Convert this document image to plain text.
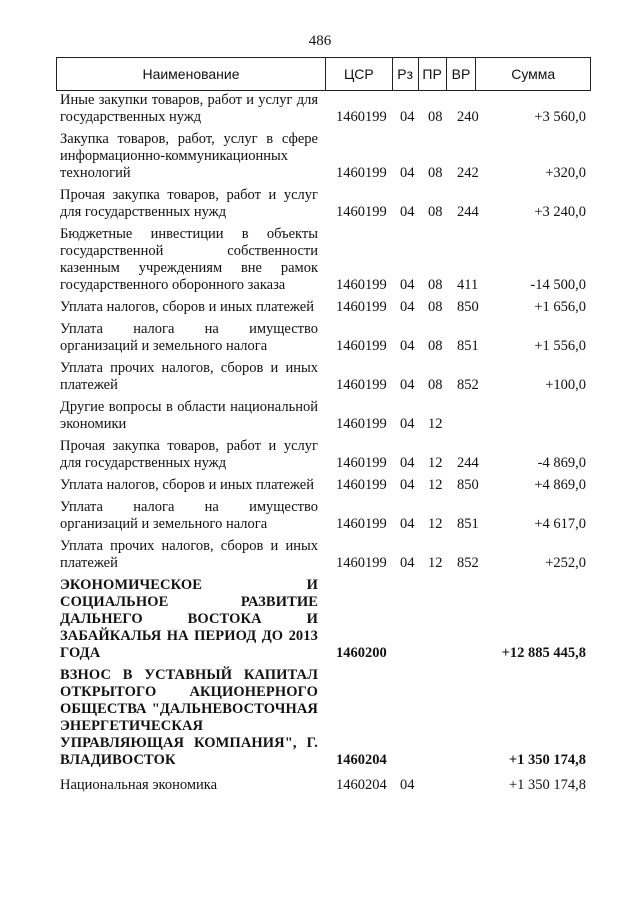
486
Наименование	ЦСР	Рз ПР ВР	Сумма
Иные закупки товаров, работ и услуг для государственных нужд	1460199 04 08 240	+3 560,0
Закупка товаров, работ, услуг в сфере информационно-коммуникационных технологий	1460199 04 08 242	+320,0
Прочая закупка товаров, работ и услуг для государственных нужд	1460199 04 08 244	+3 240,0
Бюджетные инвестиции в объекты государственной собственности казенным учреждениям вне рамок государственного оборонного заказа	1460199 04 08 411	-14 500,0
Уплата налогов, сборов и иных платежей 1460199 04 08 850	+1 656,0
Уплата налога на имущество организаций и земельного налога	1460199 04 08 851	+1 556,0
Уплата прочих налогов, сборов и иных платежей	1460199 04 08 852	+100,0
Другие вопросы в области национальной экономики	1460199 04 12
Прочая закупка товаров, работ и услуг для государственных нужд	1460199 04 12 244	-4 869,0
Уплата налогов, сборов и иных платежей 1460199 04 12 850	+4 869,0
Уплата налога на имущество организаций и земельного налога	1460199 04 12 851	+4 617,0
Уплата прочих налогов, сборов и иных платежей	1460199 04 12 852	+252,0
ЭКОНОМИЧЕСКОЕ И СОЦИАЛЬНОЕ РАЗВИТИЕ ДАЛЬНЕГО ВОСТОКА И ЗАБАЙКАЛЬЯ НА ПЕРИОД ДО 2013 ГОДА	1460200	+12 885 445,8
ВЗНОС В УСТАВНЫЙ КАПИТАЛ ОТКРЫТОГО АКЦИОНЕРНОГО ОБЩЕСТВА "ДАЛЬНЕВОСТОЧНАЯ ЭНЕРГЕТИЧЕСКАЯ УПРАВЛЯЮЩАЯ КОМПАНИЯ", Г. ВЛАДИВОСТОК	1460204	+1 350 174,8
Национальная экономика	1460204 04	+1 350 174,8
